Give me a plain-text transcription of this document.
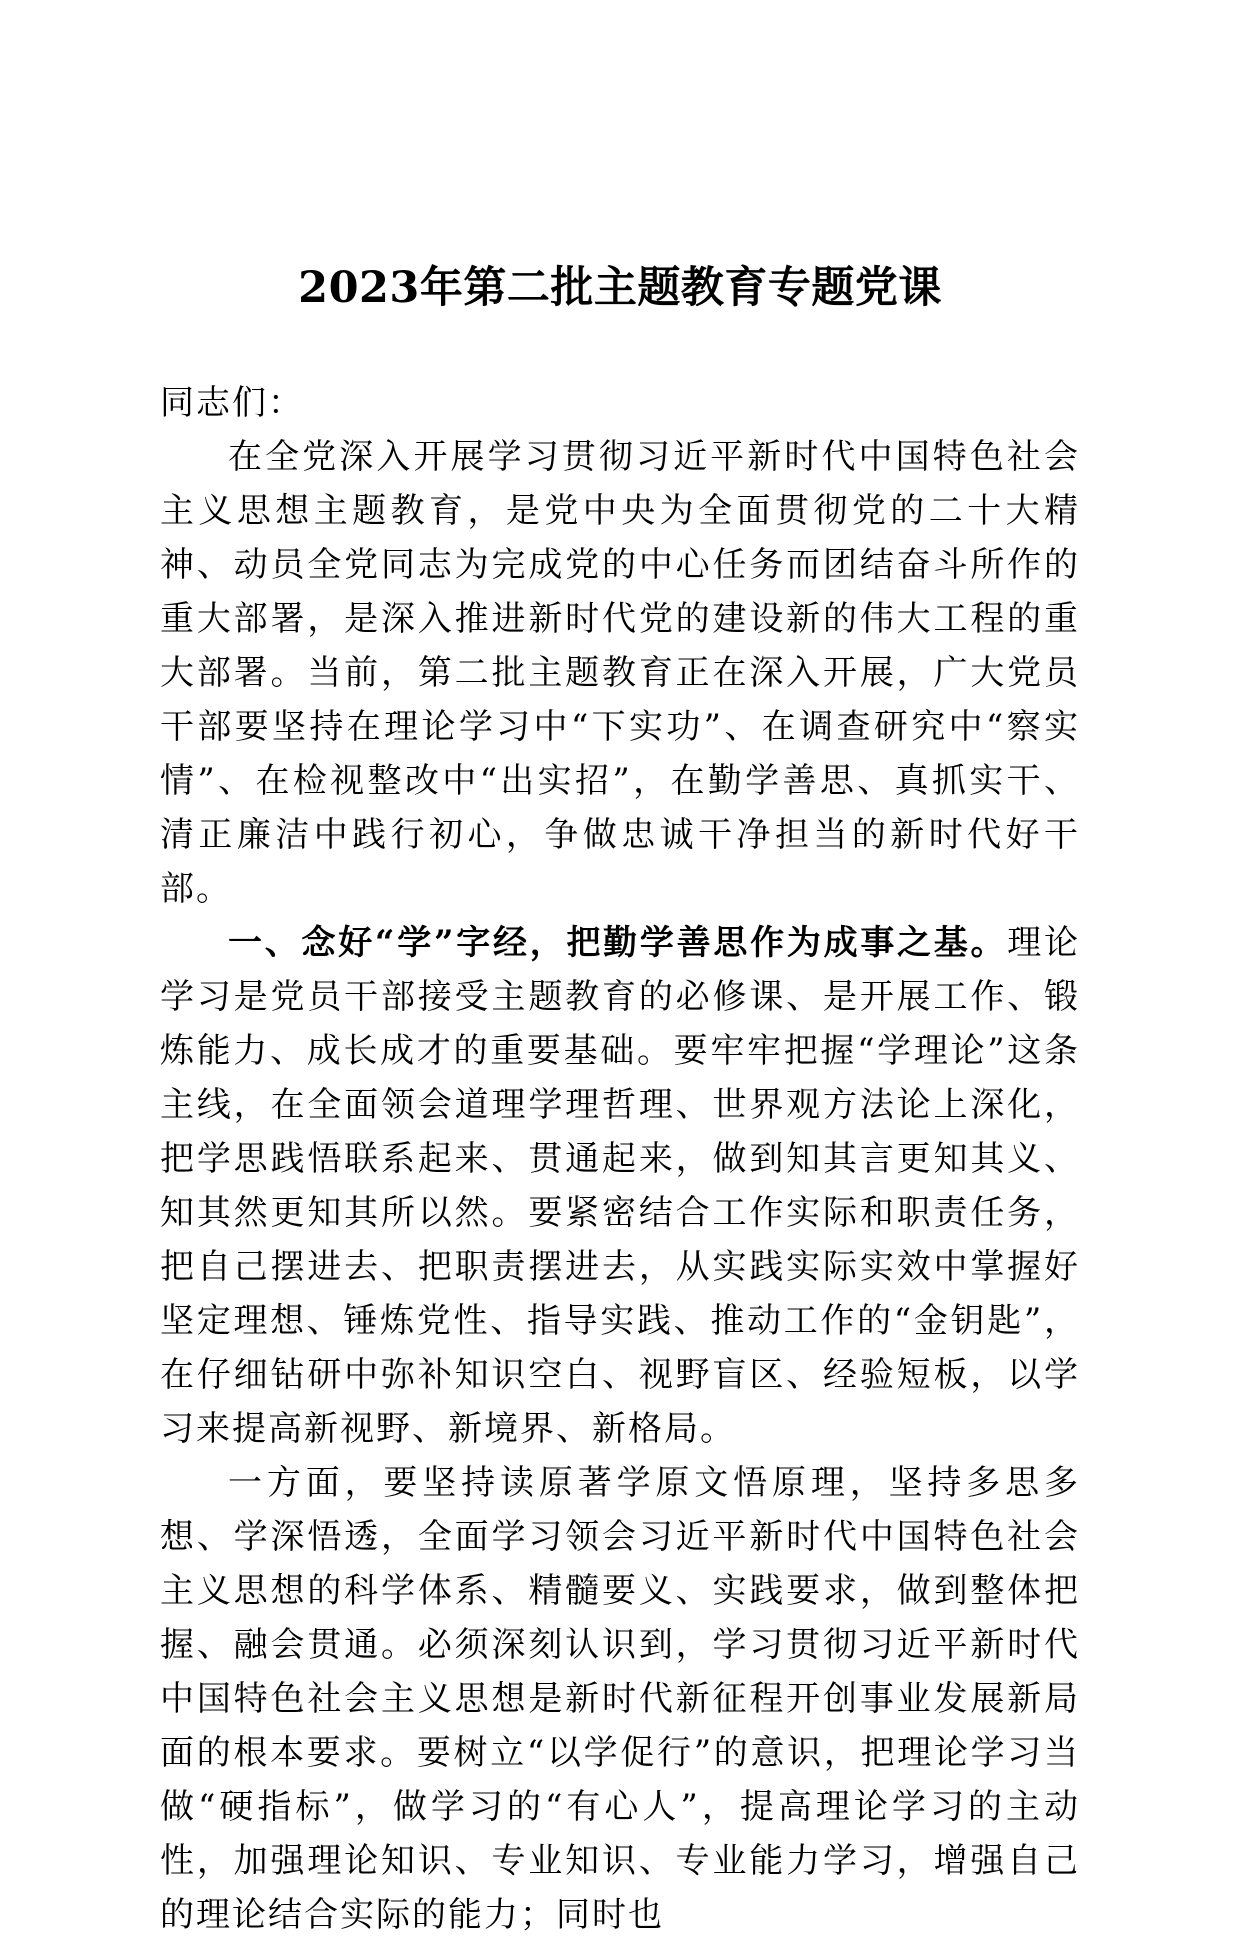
2023年第二批主题教育专题党课

同志们：

在全党深入开展学习贯彻习近平新时代中国特色社会主义思想主题教育，是党中央为全面贯彻党的二十大精神、动员全党同志为完成党的中心任务而团结奋斗所作的重大部署，是深入推进新时代党的建设新的伟大工程的重大部署。当前，第二批主题教育正在深入开展，广大党员干部要坚持在理论学习中“下实功”、在调查研究中“察实情”、在检视整改中“出实招”，在勤学善思、真抓实干、清正廉洁中践行初心，争做忠诚干净担当的新时代好干部。

一、念好“学”字经，把勤学善思作为成事之基。理论学习是党员干部接受主题教育的必修课、是开展工作、锻炼能力、成长成才的重要基础。要牢牢把握“学理论”这条主线，在全面领会道理学理哲理、世界观方法论上深化，把学思践悟联系起来、贯通起来，做到知其言更知其义、知其然更知其所以然。要紧密结合工作实际和职责任务，把自己摆进去、把职责摆进去，从实践实际实效中掌握好坚定理想、锤炼党性、指导实践、推动工作的“金钥匙”，在仔细钻研中弥补知识空白、视野盲区、经验短板，以学习来提高新视野、新境界、新格局。

一方面，要坚持读原著学原文悟原理，坚持多思多想、学深悟透，全面学习领会习近平新时代中国特色社会主义思想的科学体系、精髓要义、实践要求，做到整体把握、融会贯通。必须深刻认识到，学习贯彻习近平新时代中国特色社会主义思想是新时代新征程开创事业发展新局面的根本要求。要树立“以学促行”的意识，把理论学习当做“硬指标”，做学习的“有心人”，提高理论学习的主动性，加强理论知识、专业知识、专业能力学习，增强自己的理论结合实际的能力；同时也
